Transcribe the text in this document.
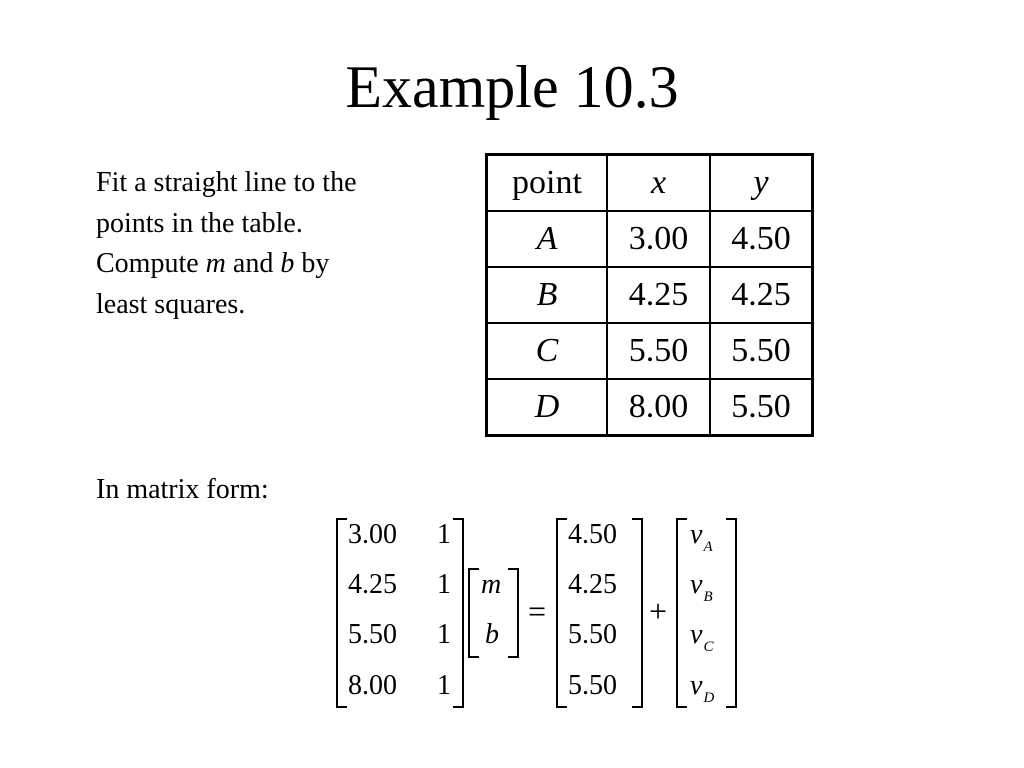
Example 10.3
Fit a straight line to the
points in the table.
Compute m and b by
least squares.
point	x	y
A	3.00	4.50
B	4.25	4.25
C	5.50	5.50
D	8.00	5.50
In matrix form:
3.00 1
4.25 1
5.50 1
8.00 1
m
b
=
4.50
4.25
5.50
5.50
+
$v_A$
$v_B$
$v_C$
$v_D$
